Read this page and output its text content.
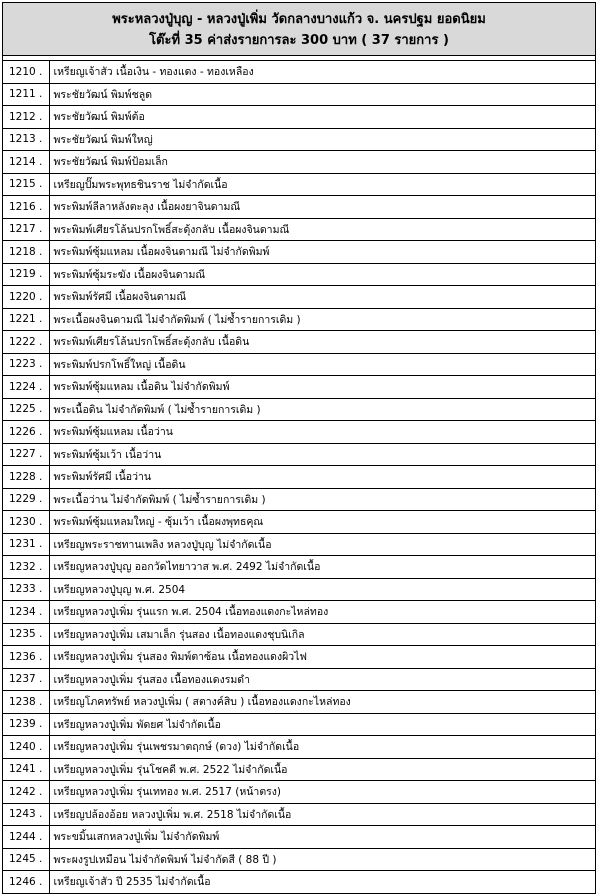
พระหลวงปู่บุญ - หลวงปู่เพิ่ม วัดกลางบางแก้ว จ. นครปฐม ยอดนิยม
โต๊ะที่ 35 ค่าส่งรายการละ 300 บาท ( 37 รายการ )
1210 .	เหรียญเจ้าสัว เนื้อเงิน - ทองแดง - ทองเหลือง
1211 .	พระชัยวัฒน์ พิมพ์ชลูด
1212 .	พระชัยวัฒน์ พิมพ์ต้อ
1213 .	พระชัยวัฒน์ พิมพ์ใหญ่
1214 .	พระชัยวัฒน์ พิมพ์ป้อมเล็ก
1215 .	เหรียญปั๊มพระพุทธชินราช ไม่จำกัดเนื้อ
1216 .	พระพิมพ์ลีลาหลังตะลุง เนื้อผงยาจินดามณี
1217 .	พระพิมพ์เศียรโล้นปรกโพธิ์สะดุ้งกลับ เนื้อผงจินดามณี
1218 .	พระพิมพ์ซุ้มแหลม เนื้อผงจินดามณี ไม่จำกัดพิมพ์
1219 .	พระพิมพ์ซุ้มระฆัง เนื้อผงจินดามณี
1220 .	พระพิมพ์รัศมี เนื้อผงจินดามณี
1221 .	พระเนื้อผงจินดามณี ไม่จำกัดพิมพ์ ( ไม่ซ้ำรายการเดิม )
1222 .	พระพิมพ์เศียรโล้นปรกโพธิ์สะดุ้งกลับ เนื้อดิน
1223 .	พระพิมพ์ปรกโพธิ์ใหญ่ เนื้อดิน
1224 .	พระพิมพ์ซุ้มแหลม เนื้อดิน ไม่จำกัดพิมพ์
1225 .	พระเนื้อดิน ไม่จำกัดพิมพ์ ( ไม่ซ้ำรายการเดิม )
1226 .	พระพิมพ์ซุ้มแหลม เนื้อว่าน
1227 .	พระพิมพ์ซุ้มเว้า เนื้อว่าน
1228 .	พระพิมพ์รัศมี เนื้อว่าน
1229 .	พระเนื้อว่าน ไม่จำกัดพิมพ์ ( ไม่ซ้ำรายการเดิม )
1230 .	พระพิมพ์ซุ้มแหลมใหญ่ - ซุ้มเว้า เนื้อผงพุทธคุณ
1231 .	เหรียญพระราชทานเพลิง หลวงปู่บุญ ไม่จำกัดเนื้อ
1232 .	เหรียญหลวงปู่บุญ ออกวัดไทยาวาส พ.ศ. 2492 ไม่จำกัดเนื้อ
1233 .	เหรียญหลวงปู่บุญ พ.ศ. 2504
1234 .	เหรียญหลวงปู่เพิ่ม รุ่นแรก พ.ศ. 2504 เนื้อทองแดงกะไหล่ทอง
1235 .	เหรียญหลวงปู่เพิ่ม เสมาเล็ก รุ่นสอง เนื้อทองแดงชุบนิเกิล
1236 .	เหรียญหลวงปู่เพิ่ม รุ่นสอง พิมพ์ตาซ้อน เนื้อทองแดงผิวไฟ
1237 .	เหรียญหลวงปู่เพิ่ม รุ่นสอง เนื้อทองแดงรมดำ
1238 .	เหรียญโภคทรัพย์ หลวงปู่เพิ่ม ( สตางค์สิบ ) เนื้อทองแดงกะไหล่ทอง
1239 .	เหรียญหลวงปู่เพิ่ม พัดยศ ไม่จำกัดเนื้อ
1240 .	เหรียญหลวงปู่เพิ่ม รุ่นเพชรมาตฤกษ์ (ดวง) ไม่จำกัดเนื้อ
1241 .	เหรียญหลวงปู่เพิ่ม รุ่นโชคดี พ.ศ. 2522 ไม่จำกัดเนื้อ
1242 .	เหรียญหลวงปู่เพิ่ม รุ่นเททอง พ.ศ. 2517 (หน้าตรง)
1243 .	เหรียญปล้องอ้อย หลวงปู่เพิ่ม พ.ศ. 2518 ไม่จำกัดเนื้อ
1244 .	พระขมิ้นเสกหลวงปู่เพิ่ม ไม่จำกัดพิมพ์
1245 .	พระผงรูปเหมือน ไม่จำกัดพิมพ์ ไม่จำกัดสี ( 88 ปี )
1246 .	เหรียญเจ้าสัว ปี 2535 ไม่จำกัดเนื้อ
